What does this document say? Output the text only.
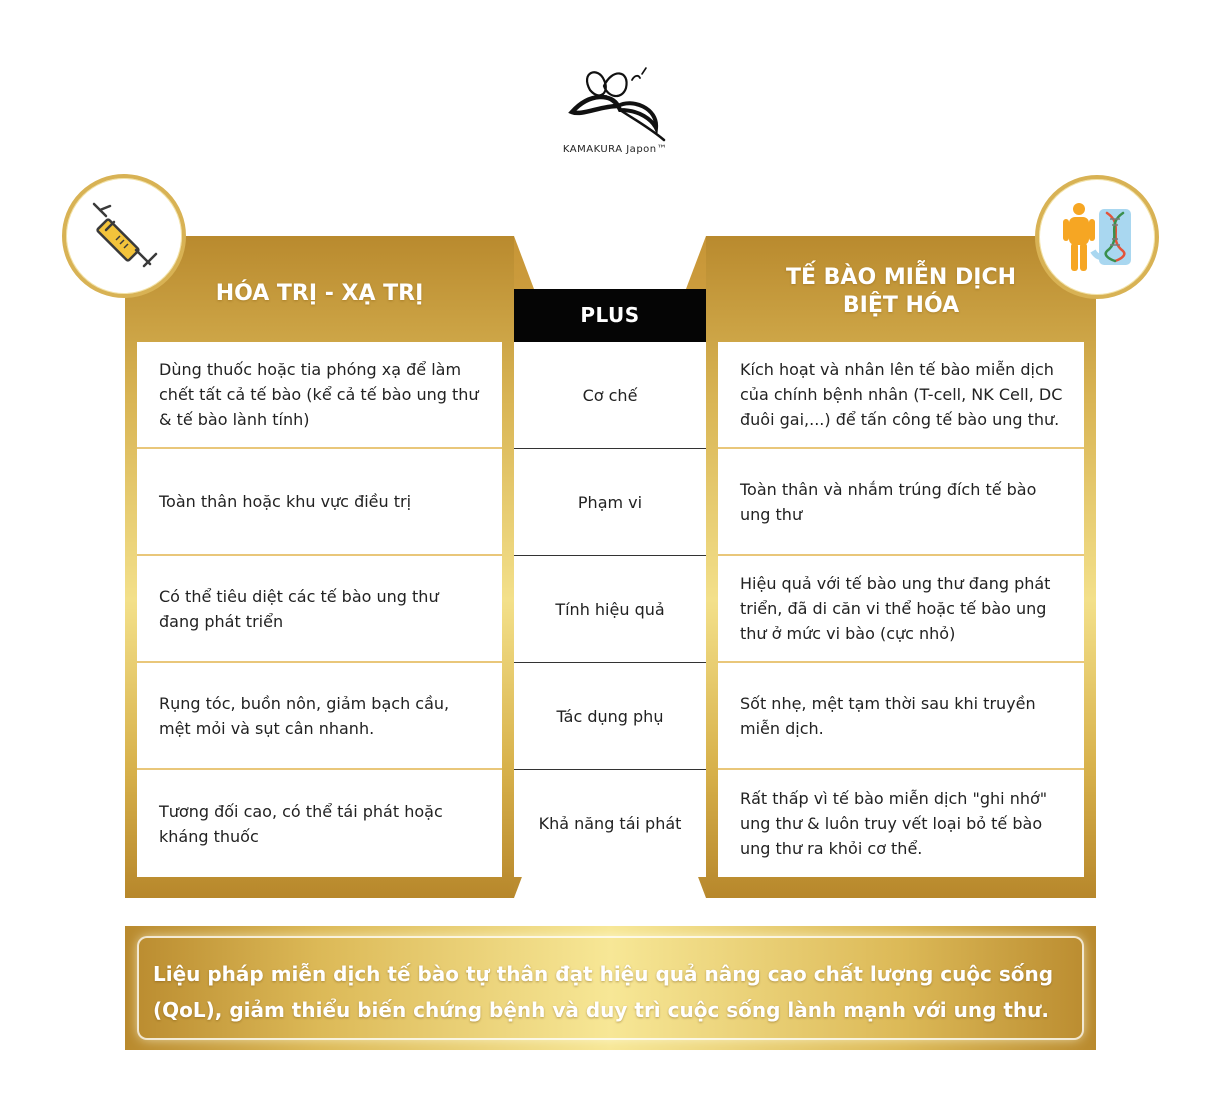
KAMAKURA Japon™
HÓA TRỊ - XẠ TRỊ
Dùng thuốc hoặc tia phóng xạ để làm chết tất cả tế bào (kể cả tế bào ung thư & tế bào lành tính)
Toàn thân hoặc khu vực điều trị
Có thể tiêu diệt các tế bào ung thư đang phát triển
Rụng tóc, buồn nôn, giảm bạch cầu, mệt mỏi và sụt cân nhanh.
Tương đối cao, có thể tái phát hoặc kháng thuốc
TẾ BÀO MIỄN DỊCH
BIỆT HÓA
Kích hoạt và nhân lên tế bào miễn dịch của chính bệnh nhân (T-cell, NK Cell, DC đuôi gai,...) để tấn công tế bào ung thư.
Toàn thân và nhắm trúng đích tế bào ung thư
Hiệu quả với tế bào ung thư đang phát triển, đã di căn vi thể hoặc tế bào ung thư ở mức vi bào (cực nhỏ)
Sốt nhẹ, mệt tạm thời sau khi truyền miễn dịch.
Rất thấp vì tế bào miễn dịch "ghi nhớ" ung thư & luôn truy vết loại bỏ tế bào ung thư ra khỏi cơ thể.
PLUS
Cơ chế
Phạm vi
Tính hiệu quả
Tác dụng phụ
Khả năng tái phát
Liệu pháp miễn dịch tế bào tự thân đạt hiệu quả nâng cao chất lượng cuộc sống (QoL), giảm thiểu biến chứng bệnh và duy trì cuộc sống lành mạnh với ung thư.
